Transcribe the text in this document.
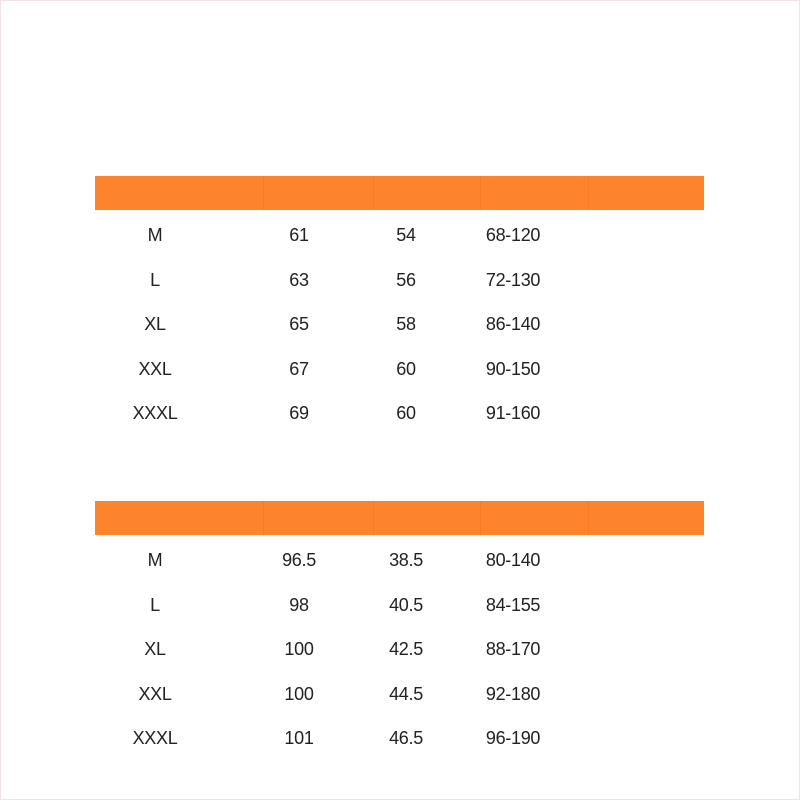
M	61	54	68-120
L	63	56	72-130
XL	65	58	86-140
XXL	67	60	90-150
XXXL	69	60	91-160
M	96.5	38.5	80-140
L	98	40.5	84-155
XL	100	42.5	88-170
XXL	100	44.5	92-180
XXXL	101	46.5	96-190
